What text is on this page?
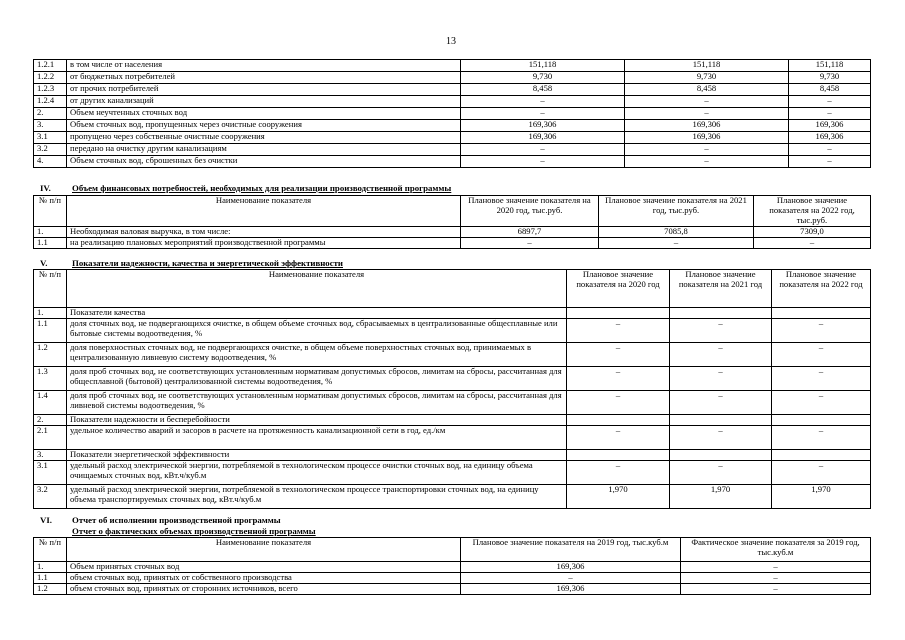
13
1.2.1	в том числе от населения	151,118	151,118	151,118
1.2.2	от бюджетных потребителей	9,730	9,730	9,730
1.2.3	от прочих потребителей	8,458	8,458	8,458
1.2.4	от других канализаций	–	–	–
2.	Объем неучтенных сточных вод	–	–	–
3.	Объем сточных вод, пропущенных через очистные сооружения	169,306	169,306	169,306
3.1	пропущено через собственные очистные сооружения	169,306	169,306	169,306
3.2	передано на очистку другим канализациям	–	–	–
4.	Объем сточных вод, сброшенных без очистки	–	–	–
IV. Объем финансовых потребностей, необходимых для реализации производственной программы
№ п/п	Наименование показателя	Плановое значение показателя на 2020 год, тыс.руб.	Плановое значение показателя на 2021 год, тыс.руб.	Плановое значение показателя на 2022 год, тыс.руб.
1.	Необходимая валовая выручка, в том числе:	6897,7	7085,8	7309,0
1.1	на реализацию плановых мероприятий производственной программы	–	–	–
V.	Показатели надежности, качества и энергетической эффективности
№ п/п	Наименование показателя	Плановое значение показателя на 2020 год	Плановое значение показателя на 2021 год	Плановое значение показателя на 2022 год
1.	Показатели качества			
1.1	доля сточных вод, не подвергающихся очистке, в общем объеме сточных вод, сбрасываемых в централизованные общесплавные или бытовые системы водоотведения, %	–	–	–
1.2	доля поверхностных сточных вод, не подвергающихся очистке, в общем объеме поверхностных сточных вод, принимаемых в централизованную ливневую систему водоотведения, %	–	–	–
1.3	доля проб сточных вод, не соответствующих установленным нормативам допустимых сбросов, лимитам на сбросы, рассчитанная для общесплавной (бытовой) централизованной системы водоотведения, %	–	–	–
1.4	доля проб сточных вод, не соответствующих установленным нормативам допустимых сбросов, лимитам на сбросы, рассчитанная для ливневой системы водоотведения, %	–	–	–
2.	Показатели надежности и бесперебойности			
2.1	удельное количество аварий и засоров в расчете на протяженность канализационной сети в год, ед./км	–	–	–
3.	Показатели энергетической эффективности			
3.1	удельный расход электрической энергии, потребляемой в технологическом процессе очистки сточных вод, на единицу объема очищаемых сточных вод, кВт.ч/куб.м	–	–	–
3.2	удельный расход электрической энергии, потребляемой в технологическом процессе транспортировки сточных вод, на единицу объема транспортируемых сточных вод, кВт.ч/куб.м	1,970	1,970	1,970
VI. Отчет об исполнении производственной программы
Отчет о фактических объемах производственной программы
№ п/п	Наименование показателя	Плановое значение показателя на 2019 год, тыс.куб.м	Фактическое значение показателя за 2019 год, тыс.куб.м
1.	Объем принятых сточных вод	169,306	–
1.1	объем сточных вод, принятых от собственного производства	–	–
1.2	объем сточных вод, принятых от сторонних источников, всего	169,306	–
